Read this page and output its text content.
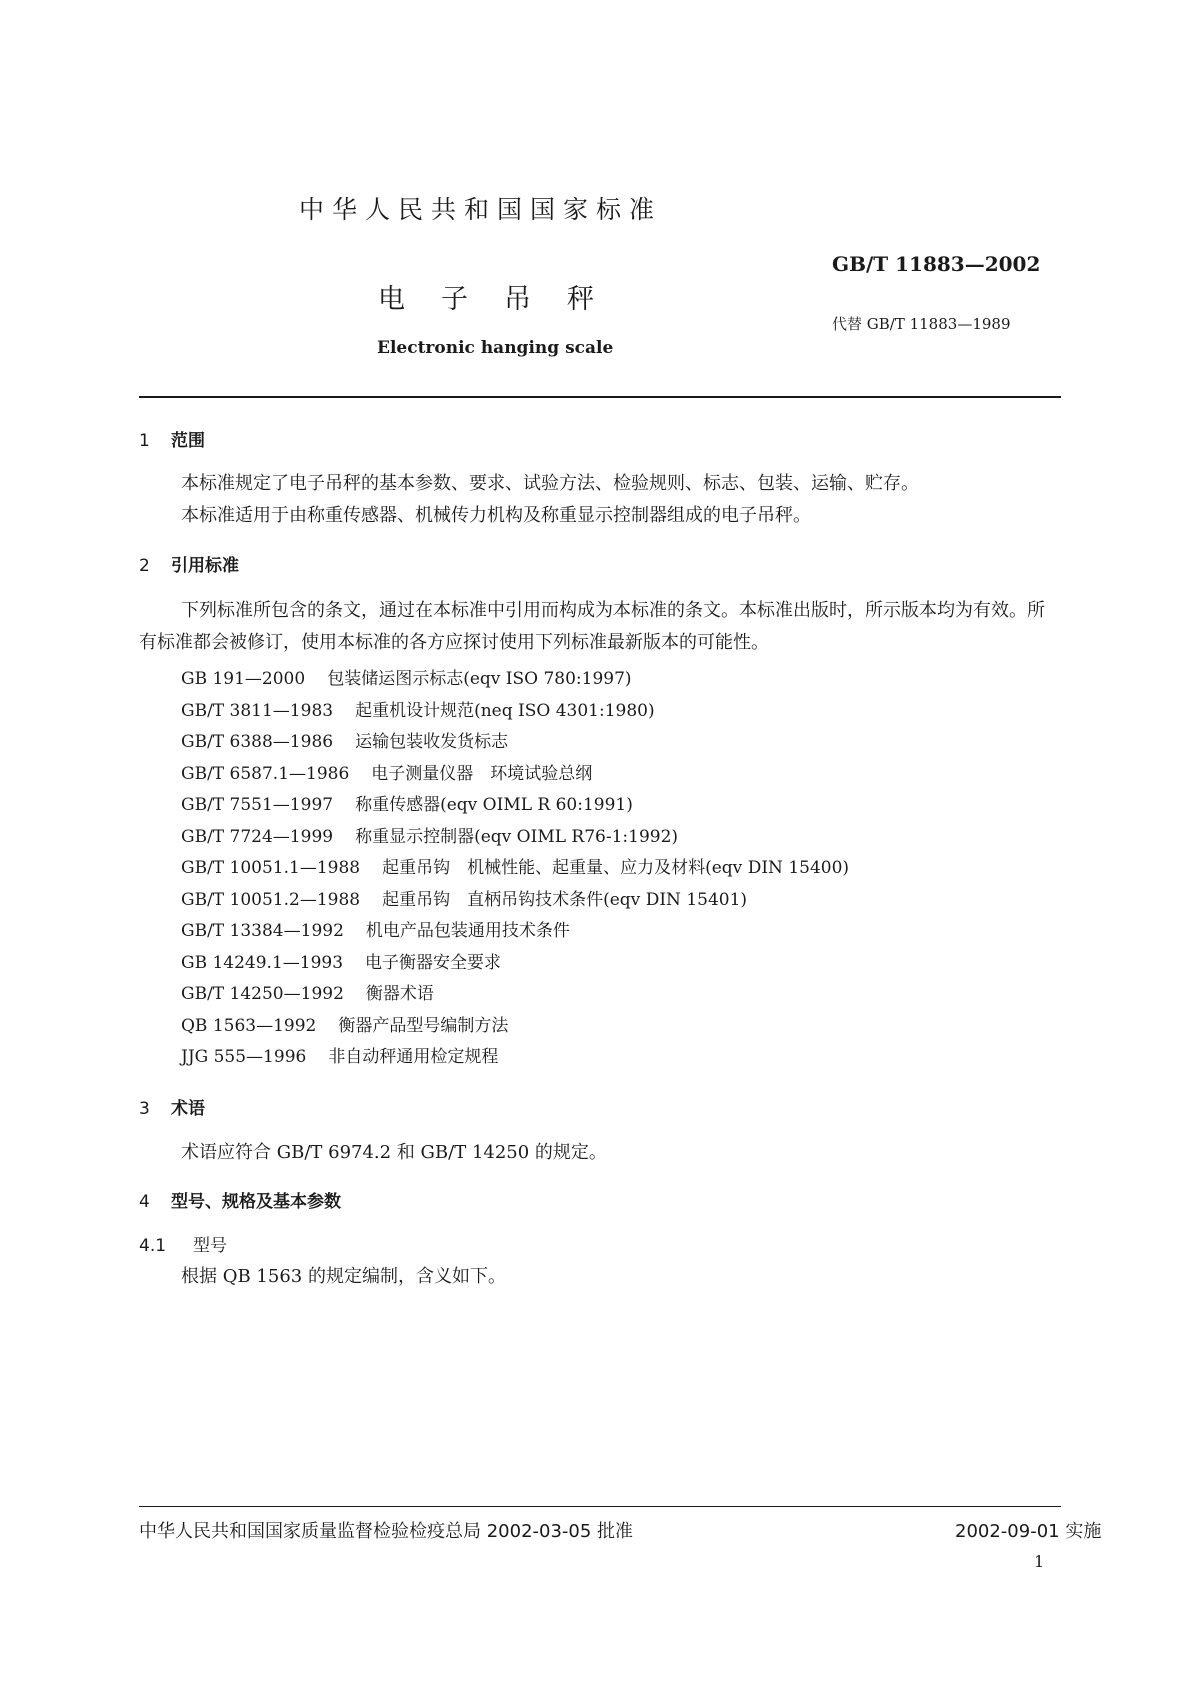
中华人民共和国国家标准
GB/T 11883—2002
电子吊秤
代替 GB/T 11883—1989
Electronic hanging scale
1 范围
本标准规定了电子吊秤的基本参数、要求、试验方法、检验规则、标志、包装、运输、贮存。
本标准适用于由称重传感器、机械传力机构及称重显示控制器组成的电子吊秤。
2 引用标准
下列标准所包含的条文，通过在本标准中引用而构成为本标准的条文。本标准出版时，所示版本均为有效。所有标准都会被修订，使用本标准的各方应探讨使用下列标准最新版本的可能性。
GB 191—2000 包装储运图示标志(eqv ISO 780:1997)
GB/T 3811—1983 起重机设计规范(neq ISO 4301:1980)
GB/T 6388—1986 运输包装收发货标志
GB/T 6587.1—1986 电子测量仪器　环境试验总纲
GB/T 7551—1997 称重传感器(eqv OIML R 60:1991)
GB/T 7724—1999 称重显示控制器(eqv OIML R76-1:1992)
GB/T 10051.1—1988 起重吊钩　机械性能、起重量、应力及材料(eqv DIN 15400)
GB/T 10051.2—1988 起重吊钩　直柄吊钩技术条件(eqv DIN 15401)
GB/T 13384—1992 机电产品包装通用技术条件
GB 14249.1—1993 电子衡器安全要求
GB/T 14250—1992 衡器术语
QB 1563—1992 衡器产品型号编制方法
JJG 555—1996 非自动秤通用检定规程
3 术语
术语应符合 GB/T 6974.2 和 GB/T 14250 的规定。
4 型号、规格及基本参数
4.1 型号
根据 QB 1563 的规定编制，含义如下。
中华人民共和国国家质量监督检验检疫总局 2002-03-05 批准	2002-09-01 实施
1
